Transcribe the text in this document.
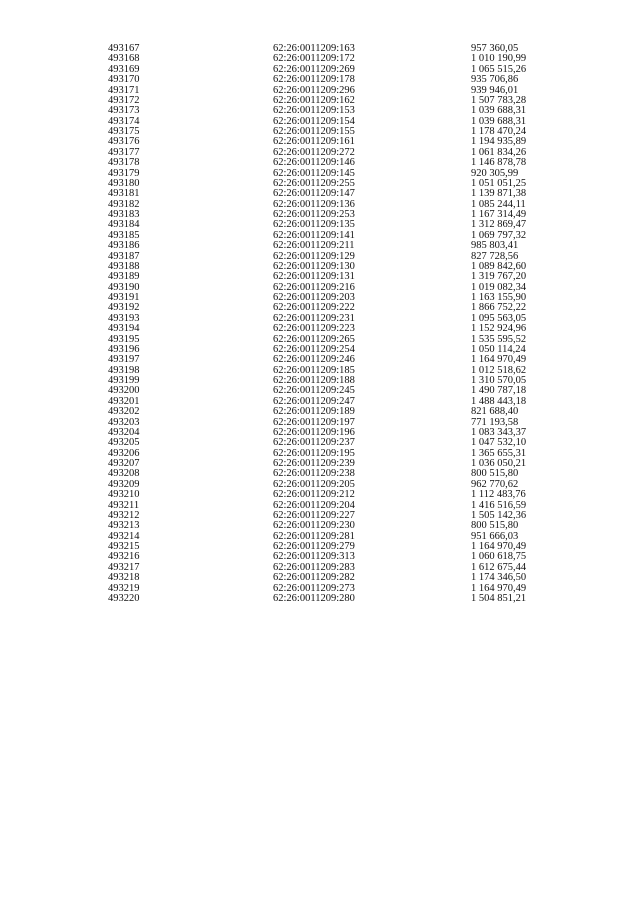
493167	62:26:0011209:163	957 360,05
493168	62:26:0011209:172	1 010 190,99
493169	62:26:0011209:269	1 065 515,26
493170	62:26:0011209:178	935 706,86
493171	62:26:0011209:296	939 946,01
493172	62:26:0011209:162	1 507 783,28
493173	62:26:0011209:153	1 039 688,31
493174	62:26:0011209:154	1 039 688,31
493175	62:26:0011209:155	1 178 470,24
493176	62:26:0011209:161	1 194 935,89
493177	62:26:0011209:272	1 061 834,26
493178	62:26:0011209:146	1 146 878,78
493179	62:26:0011209:145	920 305,99
493180	62:26:0011209:255	1 051 051,25
493181	62:26:0011209:147	1 139 871,38
493182	62:26:0011209:136	1 085 244,11
493183	62:26:0011209:253	1 167 314,49
493184	62:26:0011209:135	1 312 869,47
493185	62:26:0011209:141	1 069 797,32
493186	62:26:0011209:211	985 803,41
493187	62:26:0011209:129	827 728,56
493188	62:26:0011209:130	1 089 842,60
493189	62:26:0011209:131	1 319 767,20
493190	62:26:0011209:216	1 019 082,34
493191	62:26:0011209:203	1 163 155,90
493192	62:26:0011209:222	1 866 752,22
493193	62:26:0011209:231	1 095 563,05
493194	62:26:0011209:223	1 152 924,96
493195	62:26:0011209:265	1 535 595,52
493196	62:26:0011209:254	1 050 114,24
493197	62:26:0011209:246	1 164 970,49
493198	62:26:0011209:185	1 012 518,62
493199	62:26:0011209:188	1 310 570,05
493200	62:26:0011209:245	1 490 787,18
493201	62:26:0011209:247	1 488 443,18
493202	62:26:0011209:189	821 688,40
493203	62:26:0011209:197	771 193,58
493204	62:26:0011209:196	1 083 343,37
493205	62:26:0011209:237	1 047 532,10
493206	62:26:0011209:195	1 365 655,31
493207	62:26:0011209:239	1 036 050,21
493208	62:26:0011209:238	800 515,80
493209	62:26:0011209:205	962 770,62
493210	62:26:0011209:212	1 112 483,76
493211	62:26:0011209:204	1 416 516,59
493212	62:26:0011209:227	1 505 142,36
493213	62:26:0011209:230	800 515,80
493214	62:26:0011209:281	951 666,03
493215	62:26:0011209:279	1 164 970,49
493216	62:26:0011209:313	1 060 618,75
493217	62:26:0011209:283	1 612 675,44
493218	62:26:0011209:282	1 174 346,50
493219	62:26:0011209:273	1 164 970,49
493220	62:26:0011209:280	1 504 851,21
